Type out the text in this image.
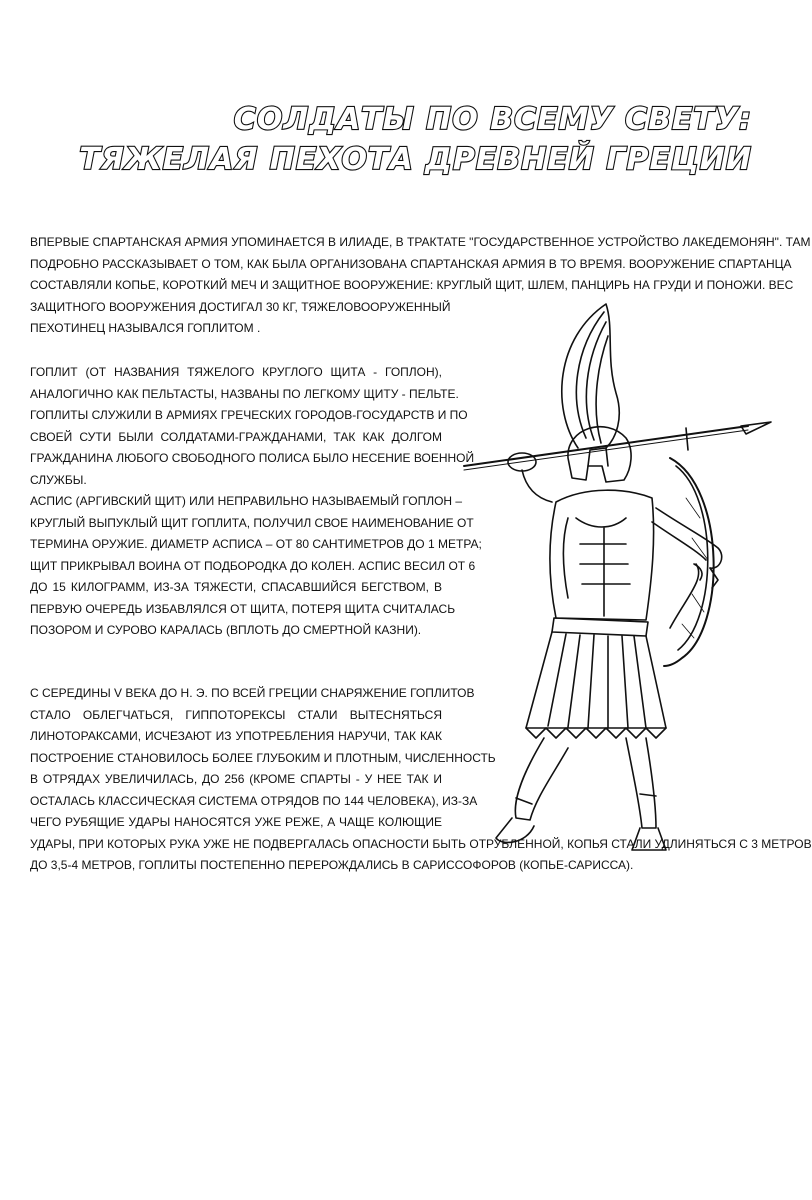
СОЛДАТЫ ПО ВСЕМУ СВЕТУ:
ТЯЖЕЛАЯ ПЕХОТА ДРЕВНЕЙ ГРЕЦИИ
ВПЕРВЫЕ СПАРТАНСКАЯ АРМИЯ УПОМИНАЕТСЯ В ИЛИАДЕ, В ТРАКТАТЕ "ГОСУДАРСТВЕННОЕ УСТРОЙСТВО ЛАКЕДЕМОНЯН". ТАМ
ПОДРОБНО РАССКАЗЫВАЕТ О ТОМ, КАК БЫЛА ОРГАНИЗОВАНА СПАРТАНСКАЯ АРМИЯ В ТО ВРЕМЯ. ВООРУЖЕНИЕ СПАРТАНЦА
СОСТАВЛЯЛИ КОПЬЕ, КОРОТКИЙ МЕЧ И ЗАЩИТНОЕ ВООРУЖЕНИЕ: КРУГЛЫЙ ЩИТ, ШЛЕМ, ПАНЦИРЬ НА ГРУДИ И ПОНОЖИ. ВЕС
ЗАЩИТНОГО ВООРУЖЕНИЯ ДОСТИГАЛ 30 КГ, ТЯЖЕЛОВООРУЖЕННЫЙ
ПЕХОТИНЕЦ НАЗЫВАЛСЯ ГОПЛИТОМ .
ГОПЛИТ (ОТ НАЗВАНИЯ ТЯЖЕЛОГО КРУГЛОГО ЩИТА - ГОПЛОН),
АНАЛОГИЧНО КАК ПЕЛЬТАСТЫ, НАЗВАНЫ ПО ЛЕГКОМУ ЩИТУ - ПЕЛЬТЕ.
ГОПЛИТЫ СЛУЖИЛИ В АРМИЯХ ГРЕЧЕСКИХ ГОРОДОВ-ГОСУДАРСТВ И ПО
СВОЕЙ СУТИ БЫЛИ СОЛДАТАМИ-ГРАЖДАНАМИ, ТАК КАК ДОЛГОМ
ГРАЖДАНИНА ЛЮБОГО СВОБОДНОГО ПОЛИСА БЫЛО НЕСЕНИЕ ВОЕННОЙ
СЛУЖБЫ.
АСПИС (АРГИВСКИЙ ЩИТ) ИЛИ НЕПРАВИЛЬНО НАЗЫВАЕМЫЙ ГОПЛОН –
КРУГЛЫЙ ВЫПУКЛЫЙ ЩИТ ГОПЛИТА, ПОЛУЧИЛ СВОЕ НАИМЕНОВАНИЕ ОТ
ТЕРМИНА ОРУЖИЕ. ДИАМЕТР АСПИСА – ОТ 80 САНТИМЕТРОВ ДО 1 МЕТРА;
ЩИТ ПРИКРЫВАЛ ВОИНА ОТ ПОДБОРОДКА ДО КОЛЕН. АСПИС ВЕСИЛ ОТ 6
ДО 15 КИЛОГРАММ, ИЗ-ЗА ТЯЖЕСТИ, СПАСАВШИЙСЯ БЕГСТВОМ, В
ПЕРВУЮ ОЧЕРЕДЬ ИЗБАВЛЯЛСЯ ОТ ЩИТА, ПОТЕРЯ ЩИТА СЧИТАЛАСЬ
ПОЗОРОМ И СУРОВО КАРАЛАСЬ (ВПЛОТЬ ДО СМЕРТНОЙ КАЗНИ).
С СЕРЕДИНЫ V ВЕКА ДО Н. Э. ПО ВСЕЙ ГРЕЦИИ СНАРЯЖЕНИЕ ГОПЛИТОВ
СТАЛО ОБЛЕГЧАТЬСЯ, ГИППОТОРЕКСЫ СТАЛИ ВЫТЕСНЯТЬСЯ
ЛИНОТОРАКСАМИ, ИСЧЕЗАЮТ ИЗ УПОТРЕБЛЕНИЯ НАРУЧИ, ТАК КАК
ПОСТРОЕНИЕ СТАНОВИЛОСЬ БОЛЕЕ ГЛУБОКИМ И ПЛОТНЫМ, ЧИСЛЕННОСТЬ
В ОТРЯДАХ УВЕЛИЧИЛАСЬ, ДО 256 (КРОМЕ СПАРТЫ - У НЕЕ ТАК И
ОСТАЛАСЬ КЛАССИЧЕСКАЯ СИСТЕМА ОТРЯДОВ ПО 144 ЧЕЛОВЕКА), ИЗ-ЗА
ЧЕГО РУБЯЩИЕ УДАРЫ НАНОСЯТСЯ УЖЕ РЕЖЕ, А ЧАЩЕ КОЛЮЩИЕ
УДАРЫ, ПРИ КОТОРЫХ РУКА УЖЕ НЕ ПОДВЕРГАЛАСЬ ОПАСНОСТИ БЫТЬ ОТРУБЛЕННОЙ, КОПЬЯ СТАЛИ УДЛИНЯТЬСЯ С 3 МЕТРОВ
ДО 3,5-4 МЕТРОВ, ГОПЛИТЫ ПОСТЕПЕННО ПЕРЕРОЖДАЛИСЬ В САРИССОФОРОВ (КОПЬЕ-САРИССА).
